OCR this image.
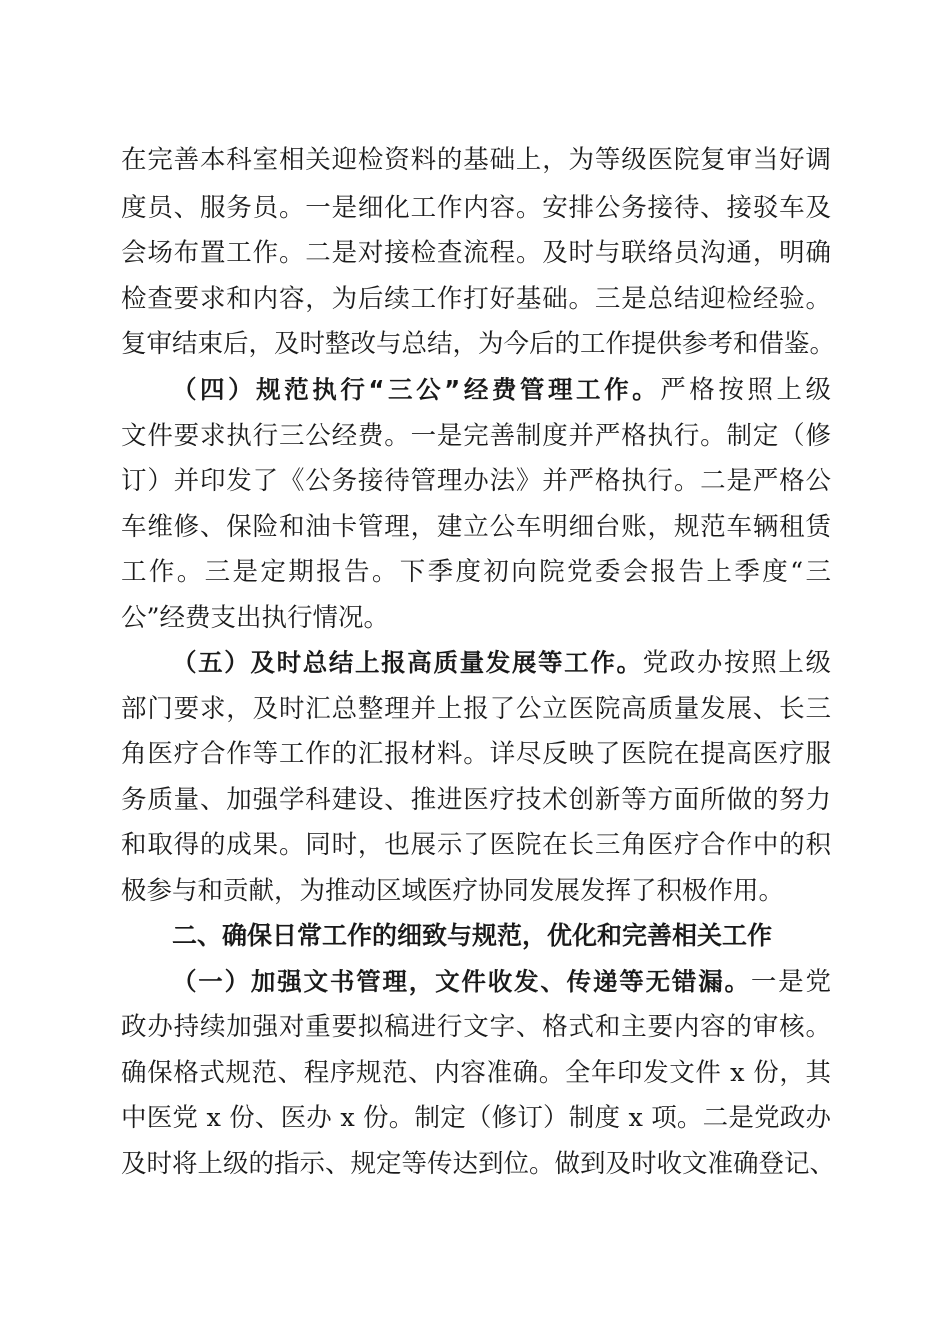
在完善本科室相关迎检资料的基础上，为等级医院复审当好调
度员、服务员。一是细化工作内容。安排公务接待、接驳车及
会场布置工作。二是对接检查流程。及时与联络员沟通，明确
检查要求和内容，为后续工作打好基础。三是总结迎检经验。
复审结束后，及时整改与总结，为今后的工作提供参考和借鉴。
（四）规范执行“三公”经费管理工作。严格按照上级
文件要求执行三公经费。一是完善制度并严格执行。制定（修
订）并印发了《公务接待管理办法》并严格执行。二是严格公
车维修、保险和油卡管理，建立公车明细台账，规范车辆租赁
工作。三是定期报告。下季度初向院党委会报告上季度“三
公”经费支出执行情况。
（五）及时总结上报高质量发展等工作。党政办按照上级
部门要求，及时汇总整理并上报了公立医院高质量发展、长三
角医疗合作等工作的汇报材料。详尽反映了医院在提高医疗服
务质量、加强学科建设、推进医疗技术创新等方面所做的努力
和取得的成果。同时，也展示了医院在长三角医疗合作中的积
极参与和贡献，为推动区域医疗协同发展发挥了积极作用。
二、确保日常工作的细致与规范，优化和完善相关工作
（一）加强文书管理，文件收发、传递等无错漏。一是党
政办持续加强对重要拟稿进行文字、格式和主要内容的审核。
确保格式规范、程序规范、内容准确。全年印发文件 x 份，其
中医党 x 份、医办 x 份。制定（修订）制度 x 项。二是党政办
及时将上级的指示、规定等传达到位。做到及时收文准确登记、
